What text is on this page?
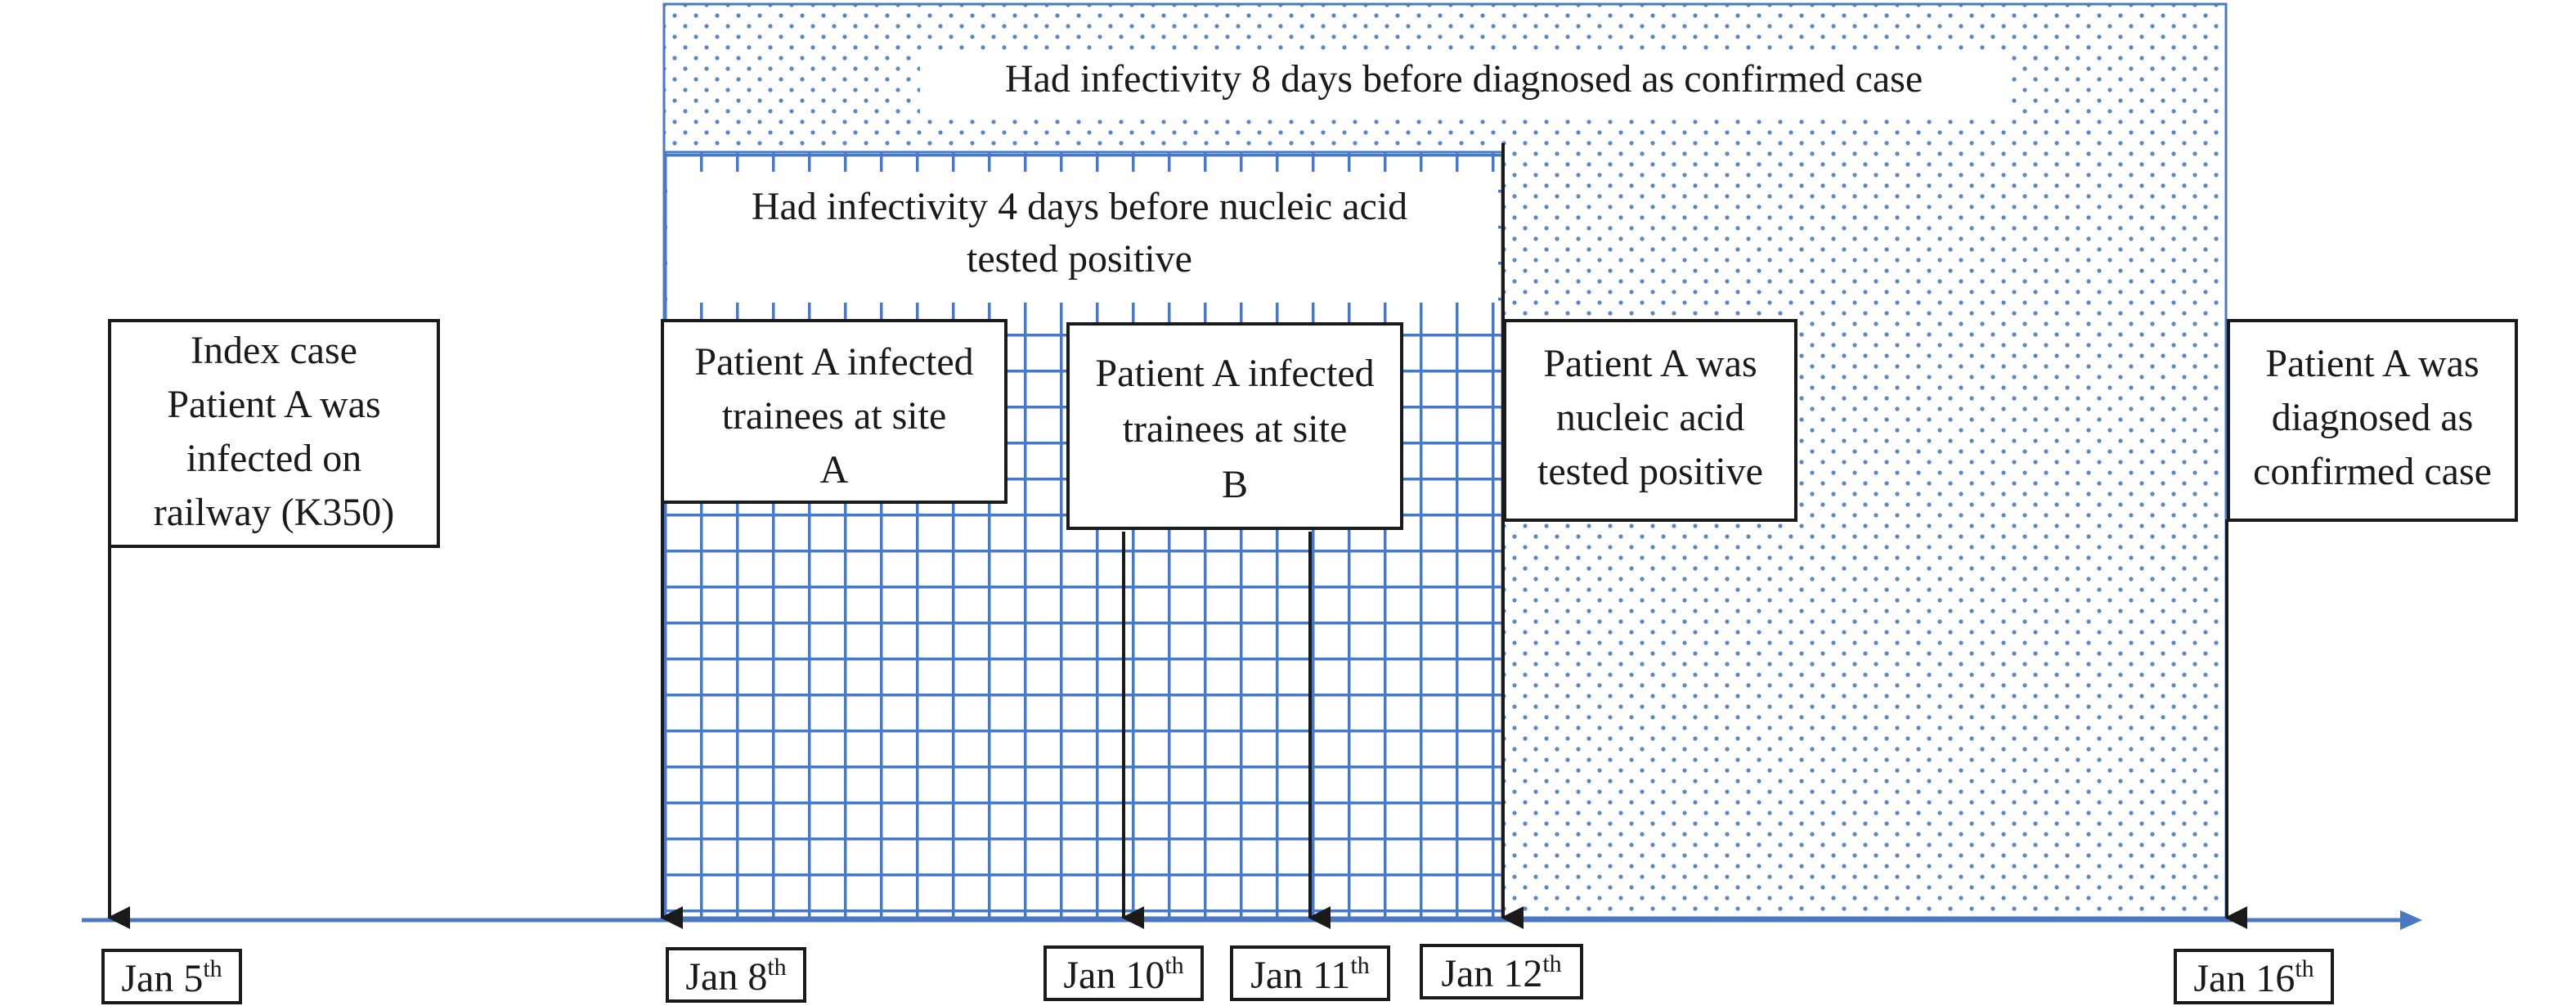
Had infectivity 8 days before diagnosed as confirmed case
Had infectivity 4 days before nucleic acid
tested positive
Index case
Patient A was
infected on
railway (K350)
Patient A infected
trainees at site
A
Patient A infected
trainees at site
B
Patient A was
nucleic acid
tested positive
Patient A was
diagnosed as
confirmed case
Jan 5th	Jan 8th	Jan 10th Jan 11th Jan 12th	Jan 16th
